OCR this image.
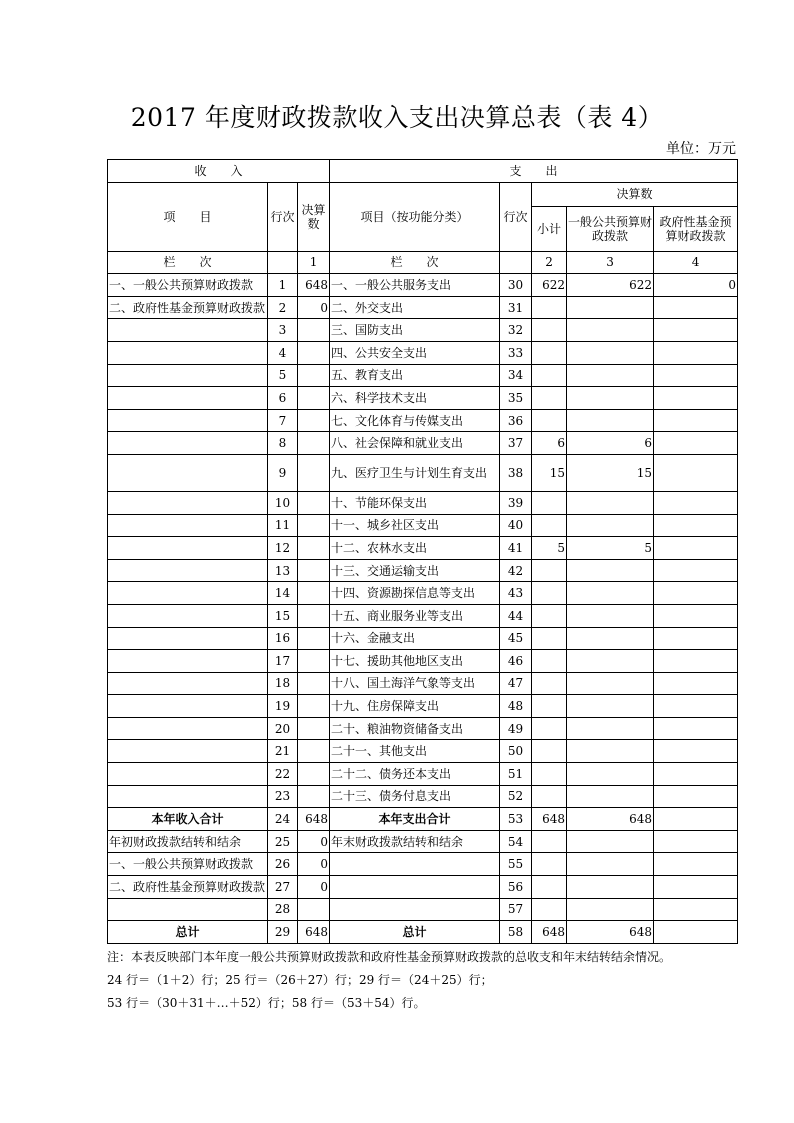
2017 年度财政拨款收入支出决算总表（表 4）
单位：万元
收　　入			支　　出				
项　　目	行次	决算数	项目（按功能分类）	行次	决算数		
					小计	一般公共预算财政拨款	政府性基金预算财政拨款
栏　　次		1	栏　　次		2	3	4
一、一般公共预算财政拨款	1	648	一、一般公共服务支出	30	622	622	0
二、政府性基金预算财政拨款	2	0	二、外交支出	31			
	3		三、国防支出	32			
	4		四、公共安全支出	33			
	5		五、教育支出	34			
	6		六、科学技术支出	35			
	7		七、文化体育与传媒支出	36			
	8		八、社会保障和就业支出	37	6	6	
	9		九、医疗卫生与计划生育支出	38	15	15	
	10		十、节能环保支出	39			
	11		十一、城乡社区支出	40			
	12		十二、农林水支出	41	5	5	
	13		十三、交通运输支出	42			
	14		十四、资源勘探信息等支出	43			
	15		十五、商业服务业等支出	44			
	16		十六、金融支出	45			
	17		十七、援助其他地区支出	46			
	18		十八、国土海洋气象等支出	47			
	19		十九、住房保障支出	48			
	20		二十、粮油物资储备支出	49			
	21		二十一、其他支出	50			
	22		二十二、债务还本支出	51			
	23		二十三、债务付息支出	52			
本年收入合计	24	648	本年支出合计	53	648	648	
年初财政拨款结转和结余	25	0	年末财政拨款结转和结余	54			
一、一般公共预算财政拨款	26	0		55			
二、政府性基金预算财政拨款	27	0		56			
	28			57			
总计	29	648	总计	58	648	648	
注：本表反映部门本年度一般公共预算财政拨款和政府性基金预算财政拨款的总收支和年末结转结余情况。
24 行＝（1＋2）行；25 行＝（26＋27）行；29 行＝（24＋25）行；
53 行＝（30＋31＋…＋52）行；58 行＝（53＋54）行。
